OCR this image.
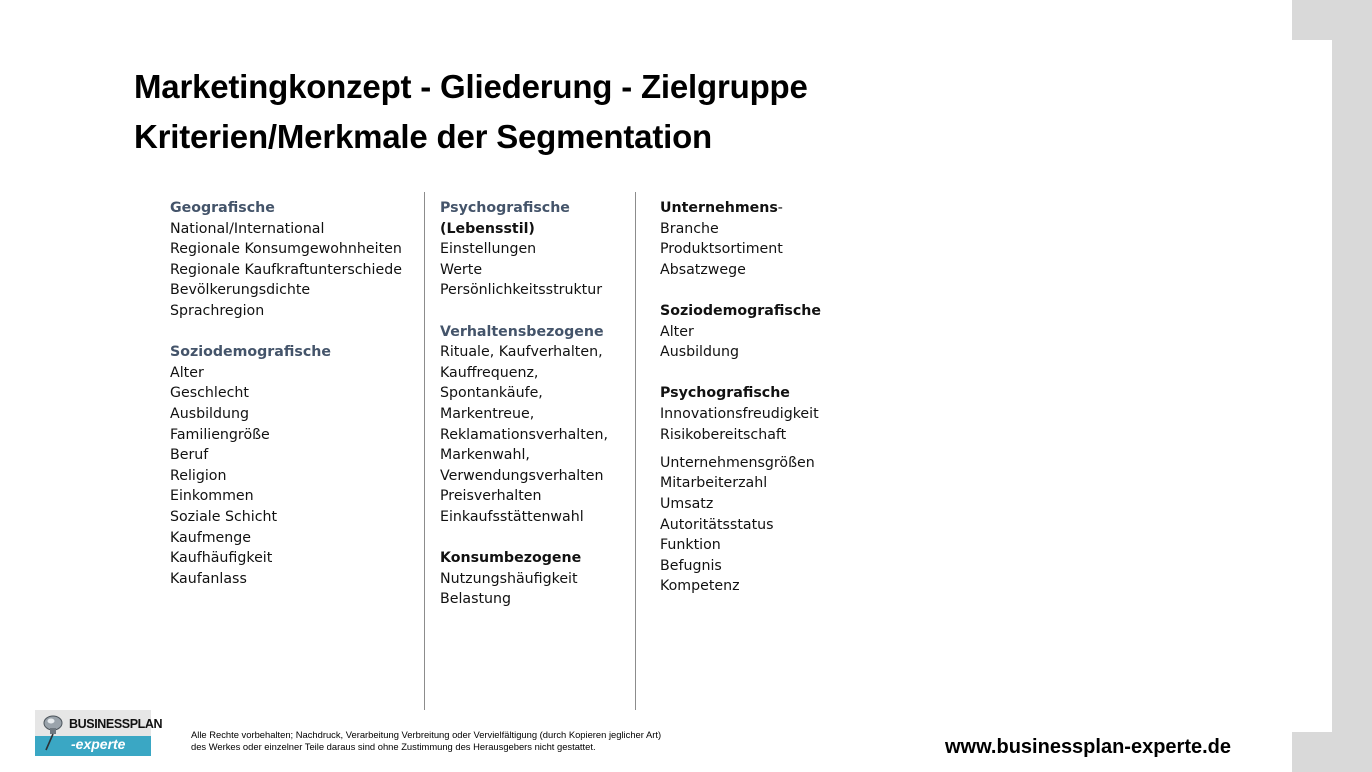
Marketingkonzept - Gliederung - Zielgruppe
Kriterien/Merkmale der Segmentation
Geografische
National/International
Regionale Konsumgewohnheiten
Regionale Kaufkraftunterschiede
Bevölkerungsdichte
Sprachregion
Soziodemografische
Alter
Geschlecht
Ausbildung
Familiengröße
Beruf
Religion
Einkommen
Soziale Schicht
Kaufmenge
Kaufhäufigkeit
Kaufanlass
Psychografische
(Lebensstil)
Einstellungen
Werte
Persönlichkeitsstruktur
Verhaltensbezogene
Rituale, Kaufverhalten,
Kauffrequenz,
Spontankäufe,
Markentreue,
Reklamationsverhalten,
Markenwahl,
Verwendungsverhalten
Preisverhalten
Einkaufsstättenwahl
Konsumbezogene
Nutzungshäufigkeit
Belastung
Unternehmens-
Branche
Produktsortiment
Absatzwege
Soziodemografische
Alter
Ausbildung
Psychografische
Innovationsfreudigkeit
Risikobereitschaft
Unternehmensgrößen
Mitarbeiterzahl
Umsatz
Autoritätsstatus
Funktion
Befugnis
Kompetenz

BUSINESSPLAN

-experte

Alle Rechte vorbehalten; Nachdruck, Verarbeitung Verbreitung oder Vervielfältigung (durch Kopieren jeglicher Art)
des Werkes oder einzelner Teile daraus sind ohne Zustimmung des Herausgebers nicht gestattet.	www.businessplan-experte.de
